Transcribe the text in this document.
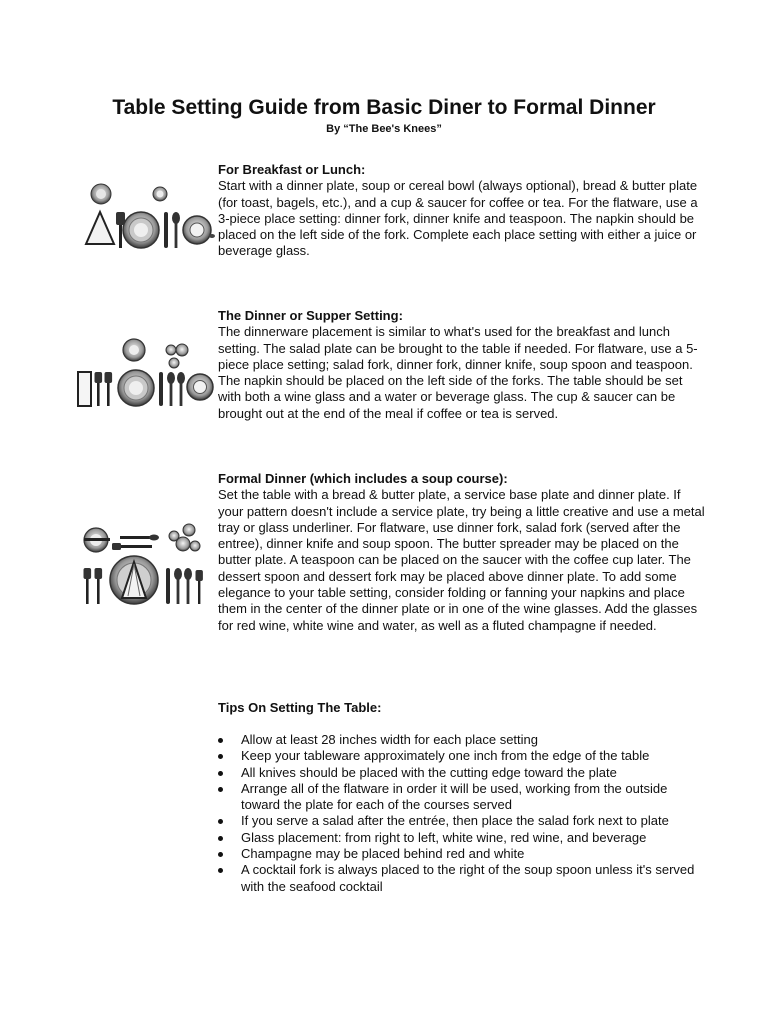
Table Setting Guide from Basic Diner to Formal Dinner
By “The Bee's Knees”
For Breakfast or Lunch:

Start with a dinner plate, soup or cereal bowl (always optional), bread & butter plate (for toast, bagels, etc.), and a cup & saucer for coffee or tea. For the flatware, use a 3-piece place setting: dinner fork, dinner knife and teaspoon. The napkin should be placed on the left side of the fork. Complete each place setting with either a juice or beverage glass.

The Dinner or Supper Setting:

The dinnerware placement is similar to what's used for the breakfast and lunch setting. The salad plate can be brought to the table if needed. For flatware, use a 5-piece place setting; salad fork, dinner fork, dinner knife, soup spoon and teaspoon. The napkin should be placed on the left side of the forks. The table should be set with both a wine glass and a water or beverage glass. The cup & saucer can be brought out at the end of the meal if coffee or tea is served.

Formal Dinner (which includes a soup course):

Set the table with a bread & butter plate, a service base plate and dinner plate. If your pattern doesn't include a service plate, try being a little creative and use a metal tray or glass underliner. For flatware, use dinner fork, salad fork (served after the entree), dinner knife and soup spoon. The butter spreader may be placed on the butter plate. A teaspoon can be placed on the saucer with the coffee cup later. The dessert spoon and dessert fork may be placed above dinner plate. To add some elegance to your table setting, consider folding or fanning your napkins and place them in the center of the dinner plate or in one of the wine glasses. Add the glasses for red wine, white wine and water, as well as a fluted champagne if needed.

Tips On Setting The Table:
Allow at least 28 inches width for each place setting
Keep your tableware approximately one inch from the edge of the table
All knives should be placed with the cutting edge toward the plate
Arrange all of the flatware in order it will be used, working from the outside toward the plate for each of the courses served
If you serve a salad after the entrée, then place the salad fork next to plate
Glass placement: from right to left, white wine, red wine, and beverage
Champagne may be placed behind red and white
A cocktail fork is always placed to the right of the soup spoon unless it's served with the seafood cocktail
